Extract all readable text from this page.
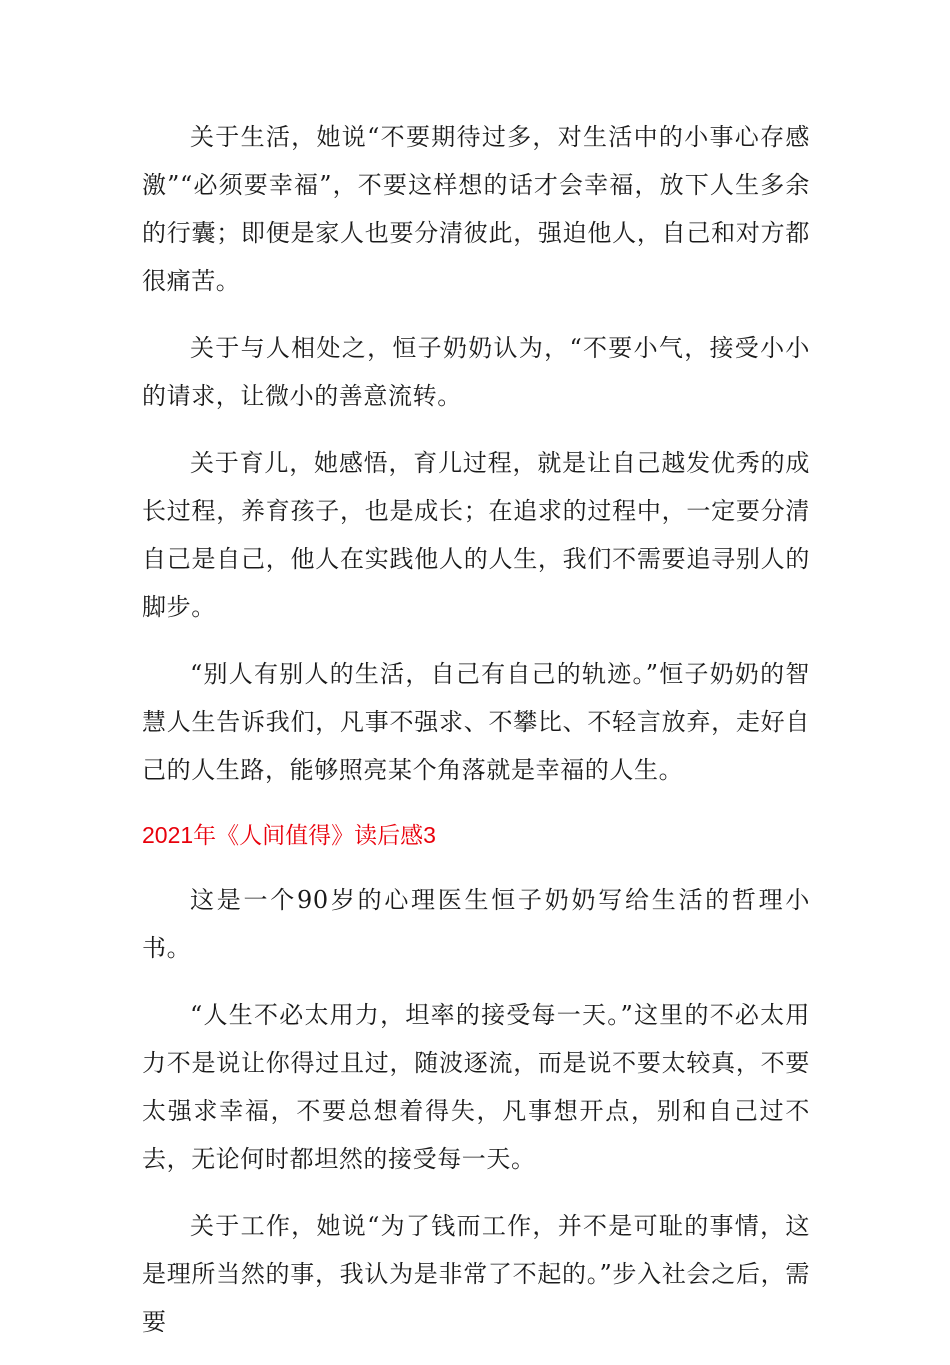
关于生活，她说“不要期待过多，对生活中的小事心存感激”“必须要幸福”，不要这样想的话才会幸福，放下人生多余的行囊；即便是家人也要分清彼此，强迫他人，自己和对方都很痛苦。

关于与人相处之，恒子奶奶认为，“不要小气，接受小小的请求，让微小的善意流转。

关于育儿，她感悟，育儿过程，就是让自己越发优秀的成长过程，养育孩子，也是成长；在追求的过程中，一定要分清自己是自己，他人在实践他人的人生，我们不需要追寻别人的脚步。

“别人有别人的生活，自己有自己的轨迹。”恒子奶奶的智慧人生告诉我们，凡事不强求、不攀比、不轻言放弃，走好自己的人生路，能够照亮某个角落就是幸福的人生。

2021年《人间值得》读后感3

这是一个90岁的心理医生恒子奶奶写给生活的哲理小书。

“人生不必太用力，坦率的接受每一天。”这里的不必太用力不是说让你得过且过，随波逐流，而是说不要太较真，不要太强求幸福，不要总想着得失，凡事想开点，别和自己过不去，无论何时都坦然的接受每一天。

关于工作，她说“为了钱而工作，并不是可耻的事情，这是理所当然的事，我认为是非常了不起的。”步入社会之后，需要
